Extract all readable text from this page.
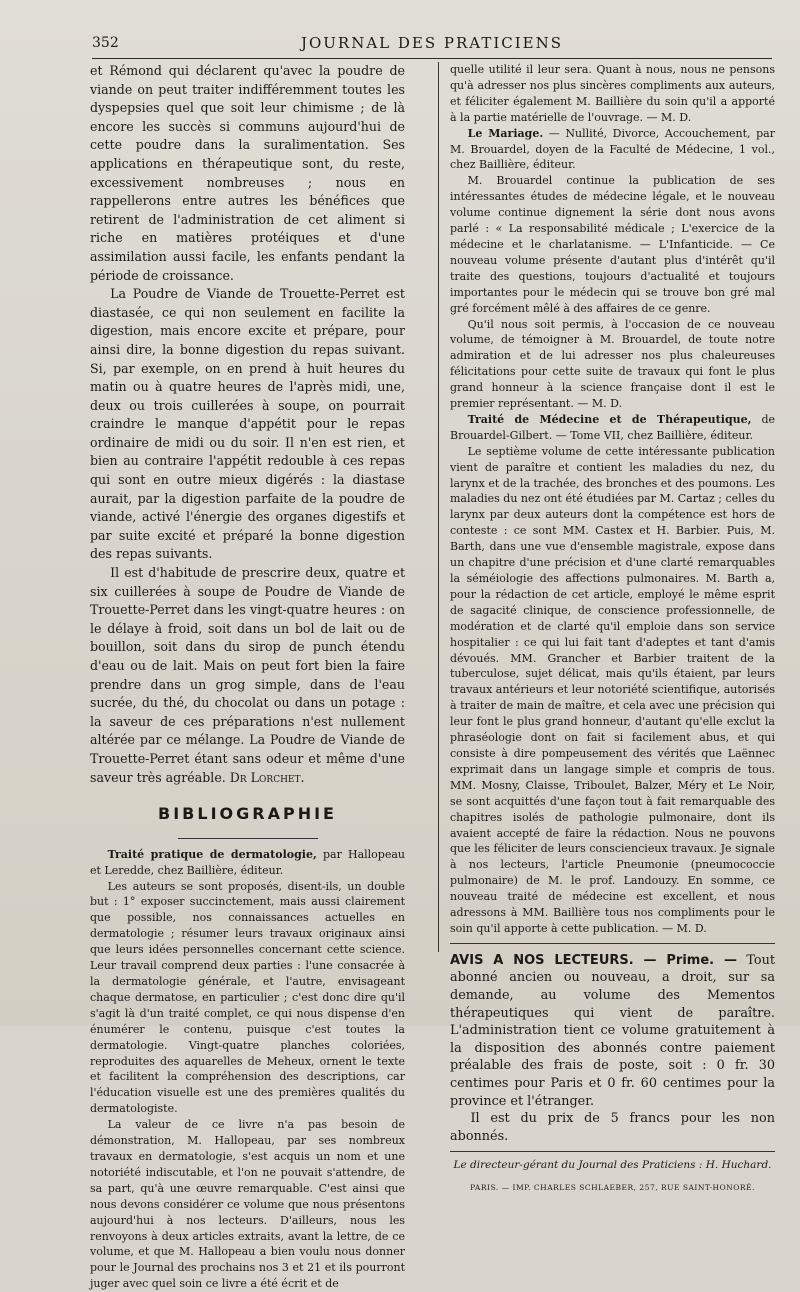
352	JOURNAL DES PRATICIENS

et Rémond qui déclarent qu'avec la poudre de viande on peut traiter indifféremment toutes les dyspepsies quel que soit leur chimisme ; de là encore les succès si communs aujourd'hui de cette poudre dans la suralimentation. Ses applications en thérapeutique sont, du reste, excessivement nombreuses ; nous en rappellerons entre autres les bénéfices que retirent de l'administration de cet aliment si riche en matières protéiques et d'une assimilation aussi facile, les enfants pendant la période de croissance.

La Poudre de Viande de Trouette-Perret est diastasée, ce qui non seulement en facilite la digestion, mais encore excite et prépare, pour ainsi dire, la bonne digestion du repas suivant. Si, par exemple, on en prend à huit heures du matin ou à quatre heures de l'après midi, une, deux ou trois cuillerées à soupe, on pourrait craindre le manque d'appétit pour le repas ordinaire de midi ou du soir. Il n'en est rien, et bien au contraire l'appétit redouble à ces repas qui sont en outre mieux digérés : la diastase aurait, par la digestion parfaite de la poudre de viande, activé l'énergie des organes digestifs et par suite excité et préparé la bonne digestion des repas suivants.

Il est d'habitude de prescrire deux, quatre et six cuillerées à soupe de Poudre de Viande de Trouette-Perret dans les vingt-quatre heures : on le délaye à froid, soit dans un bol de lait ou de bouillon, soit dans du sirop de punch étendu d'eau ou de lait. Mais on peut fort bien la faire prendre dans un grog simple, dans de l'eau sucrée, du thé, du chocolat ou dans un potage : la saveur de ces préparations n'est nullement altérée par ce mélange. La Poudre de Viande de Trouette-Perret étant sans odeur et même d'une saveur très agréable. Dr Lorchet.

BIBLIOGRAPHIE

Traité pratique de dermatologie, par Hallopeau et Leredde, chez Baillière, éditeur.

Les auteurs se sont proposés, disent-ils, un double but : 1° exposer succinctement, mais aussi clairement que possible, nos connaissances actuelles en dermatologie ; résumer leurs travaux originaux ainsi que leurs idées personnelles concernant cette science. Leur travail comprend deux parties : l'une consacrée à la dermatologie générale, et l'autre, envisageant chaque dermatose, en particulier ; c'est donc dire qu'il s'agit là d'un traité complet, ce qui nous dispense d'en énumérer le contenu, puisque c'est toutes la dermatologie. Vingt-quatre planches coloriées, reproduites des aquarelles de Meheux, ornent le texte et facilitent la compréhension des descriptions, car l'éducation visuelle est une des premières qualités du dermatologiste.

La valeur de ce livre n'a pas besoin de démonstration, M. Hallopeau, par ses nombreux travaux en dermatologie, s'est acquis un nom et une notoriété indiscutable, et l'on ne pouvait s'attendre, de sa part, qu'à une œuvre remarquable. C'est ainsi que nous devons considérer ce volume que nous présentons aujourd'hui à nos lecteurs. D'ailleurs, nous les renvoyons à deux articles extraits, avant la lettre, de ce volume, et que M. Hallopeau a bien voulu nous donner pour le Journal des prochains nos 3 et 21 et ils pourront juger avec quel soin ce livre a été écrit et de

quelle utilité il leur sera. Quant à nous, nous ne pensons qu'à adresser nos plus sincères compliments aux auteurs, et féliciter également M. Baillière du soin qu'il a apporté à la partie matérielle de l'ouvrage. — M. D.

Le Mariage. — Nullité, Divorce, Accouchement, par M. Brouardel, doyen de la Faculté de Médecine, 1 vol., chez Baillière, éditeur.

M. Brouardel continue la publication de ses intéressantes études de médecine légale, et le nouveau volume continue dignement la série dont nous avons parlé : « La responsabilité médicale ; L'exercice de la médecine et le charlatanisme. — L'Infanticide. — Ce nouveau volume présente d'autant plus d'intérêt qu'il traite des questions, toujours d'actualité et toujours importantes pour le médecin qui se trouve bon gré mal gré forcément mêlé à des affaires de ce genre.

Qu'il nous soit permis, à l'occasion de ce nouveau volume, de témoigner à M. Brouardel, de toute notre admiration et de lui adresser nos plus chaleureuses félicitations pour cette suite de travaux qui font le plus grand honneur à la science française dont il est le premier représentant. — M. D.

Traité de Médecine et de Thérapeutique, de Brouardel-Gilbert. — Tome VII, chez Baillière, éditeur.

Le septième volume de cette intéressante publication vient de paraître et contient les maladies du nez, du larynx et de la trachée, des bronches et des poumons. Les maladies du nez ont été étudiées par M. Cartaz ; celles du larynx par deux auteurs dont la compétence est hors de conteste : ce sont MM. Castex et H. Barbier. Puis, M. Barth, dans une vue d'ensemble magistrale, expose dans un chapitre d'une précision et d'une clarté remarquables la séméiologie des affections pulmonaires. M. Barth a, pour la rédaction de cet article, employé le même esprit de sagacité clinique, de conscience professionnelle, de modération et de clarté qu'il emploie dans son service hospitalier : ce qui lui fait tant d'adeptes et tant d'amis dévoués. MM. Grancher et Barbier traitent de la tuberculose, sujet délicat, mais qu'ils étaient, par leurs travaux antérieurs et leur notoriété scientifique, autorisés à traiter de main de maître, et cela avec une précision qui leur font le plus grand honneur, d'autant qu'elle exclut la phraséologie dont on fait si facilement abus, et qui consiste à dire pompeusement des vérités que Laënnec exprimait dans un langage simple et compris de tous. MM. Mosny, Claisse, Triboulet, Balzer, Méry et Le Noir, se sont acquittés d'une façon tout à fait remarquable des chapitres isolés de pathologie pulmonaire, dont ils avaient accepté de faire la rédaction. Nous ne pouvons que les féliciter de leurs consciencieux travaux. Je signale à nos lecteurs, l'article Pneumonie (pneumococcie pulmonaire) de M. le prof. Landouzy. En somme, ce nouveau traité de médecine est excellent, et nous adressons à MM. Baillière tous nos compliments pour le soin qu'il apporte à cette publication. — M. D.

AVIS A NOS LECTEURS. — Prime. — Tout abonné ancien ou nouveau, a droit, sur sa demande, au volume des Mementos thérapeutiques qui vient de paraître. L'administration tient ce volume gratuitement à la disposition des abonnés contre paiement préalable des frais de poste, soit : 0 fr. 30 centimes pour Paris et 0 fr. 60 centimes pour la province et l'étranger.

Il est du prix de 5 francs pour les non abonnés.

Le directeur-gérant du Journal des Praticiens : H. Huchard.
PARIS. — IMP. CHARLES SCHLAEBER, 257, RUE SAINT-HONORÉ.
